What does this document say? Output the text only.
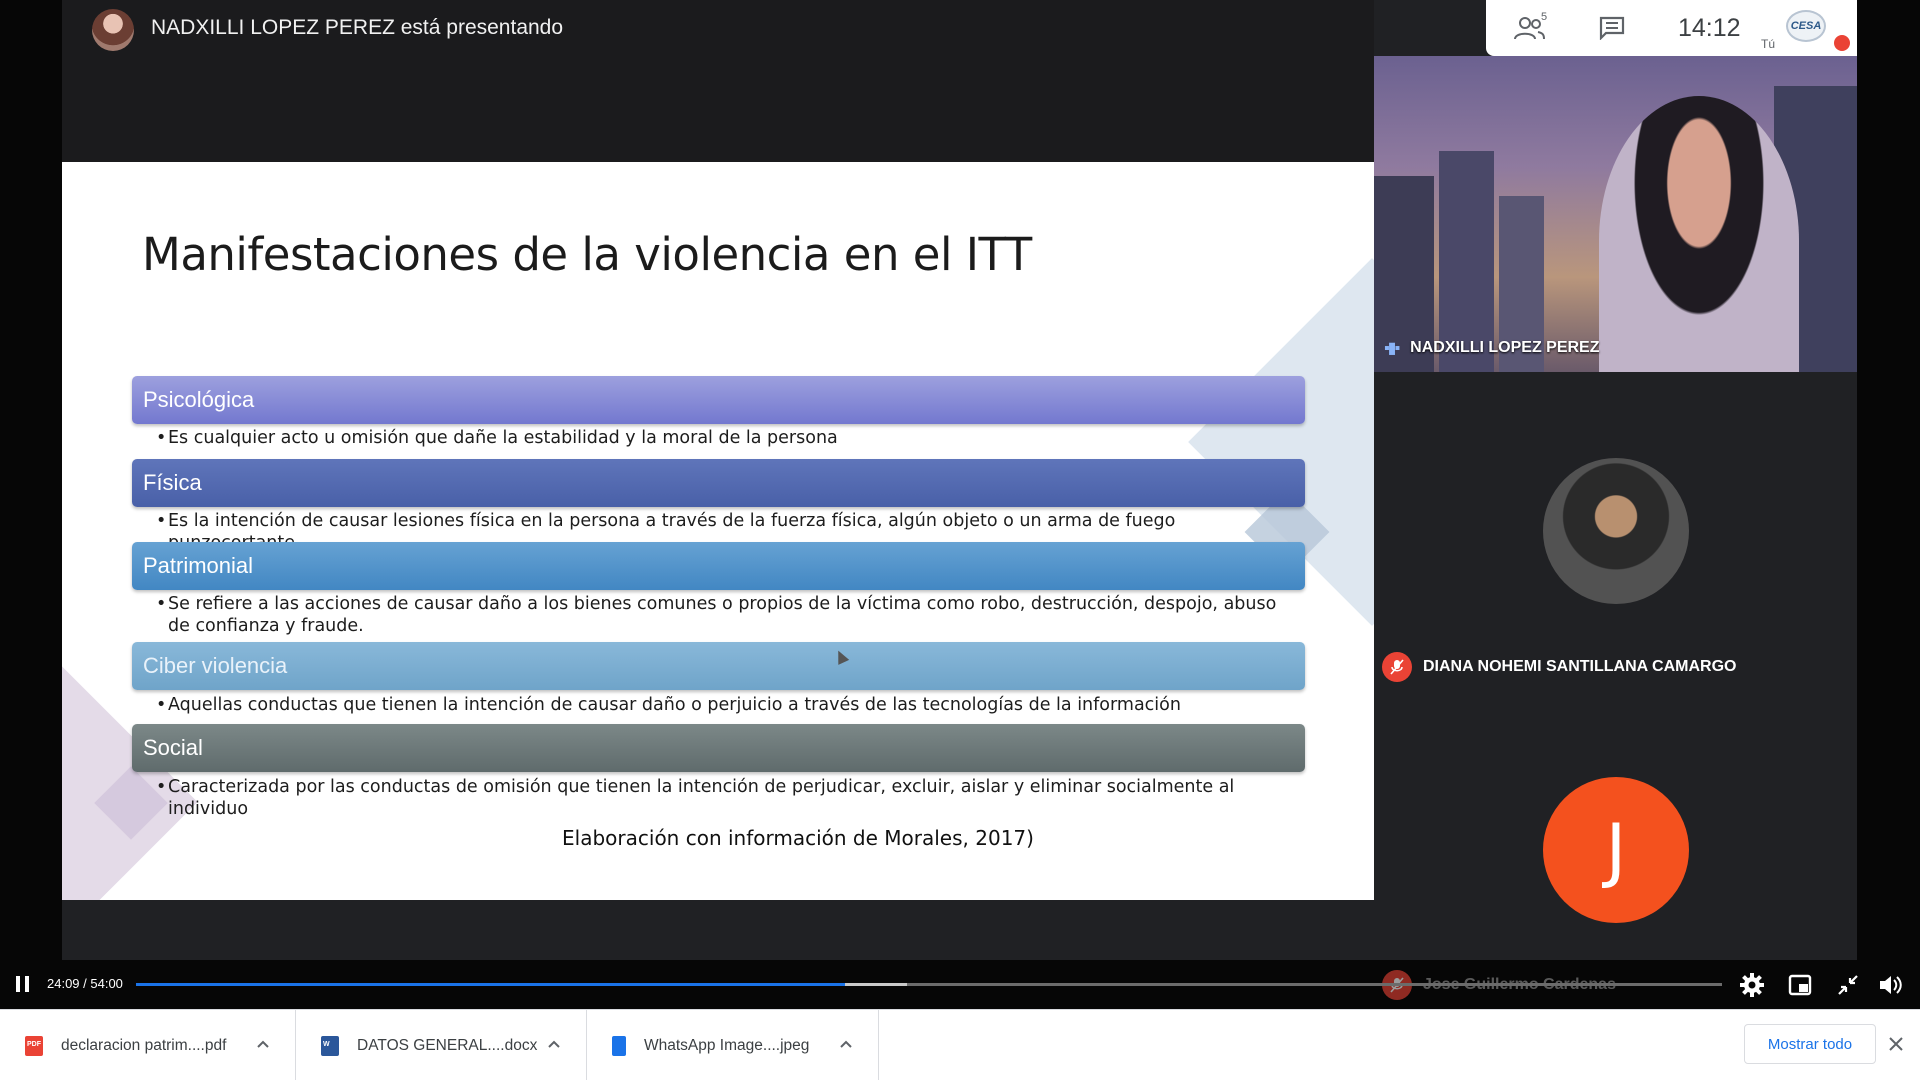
NADXILLI LOPEZ PEREZ está presentando	5	14:12
Tú
CESA
Manifestaciones de la violencia en el ITT
Psicológica
• Es cualquier acto u omisión que dañe la estabilidad y la moral de la persona
Física
• Es la intención de causar lesiones física en la persona a través de la fuerza física, algún objeto o un arma de fuego
Patrimonial
• Se refiere a las acciones de causar daño a los bienes comunes o propios de la víctima como robo, destrucción, despojo, abuso de confianza y fraude.
Ciber violencia
• Aquellas conductas que tienen la intención de causar daño o perjuicio a través de las tecnologías de la información
Social
• Caracterizada por las conductas de omisión que tienen la intención de perjudicar, excluir, aislar y eliminar socialmente al individuo
Elaboración con información de Morales, 2017)
▪▮▪ NADXILLI LOPEZ PEREZ
DIANA NOHEMI SANTILLANA CAMARGO
J
24:09 / 54:00
PDF declaracion patrim....pdf	W DATOS GENERAL....docx	WhatsApp Image....jpeg	Mostrar todo
